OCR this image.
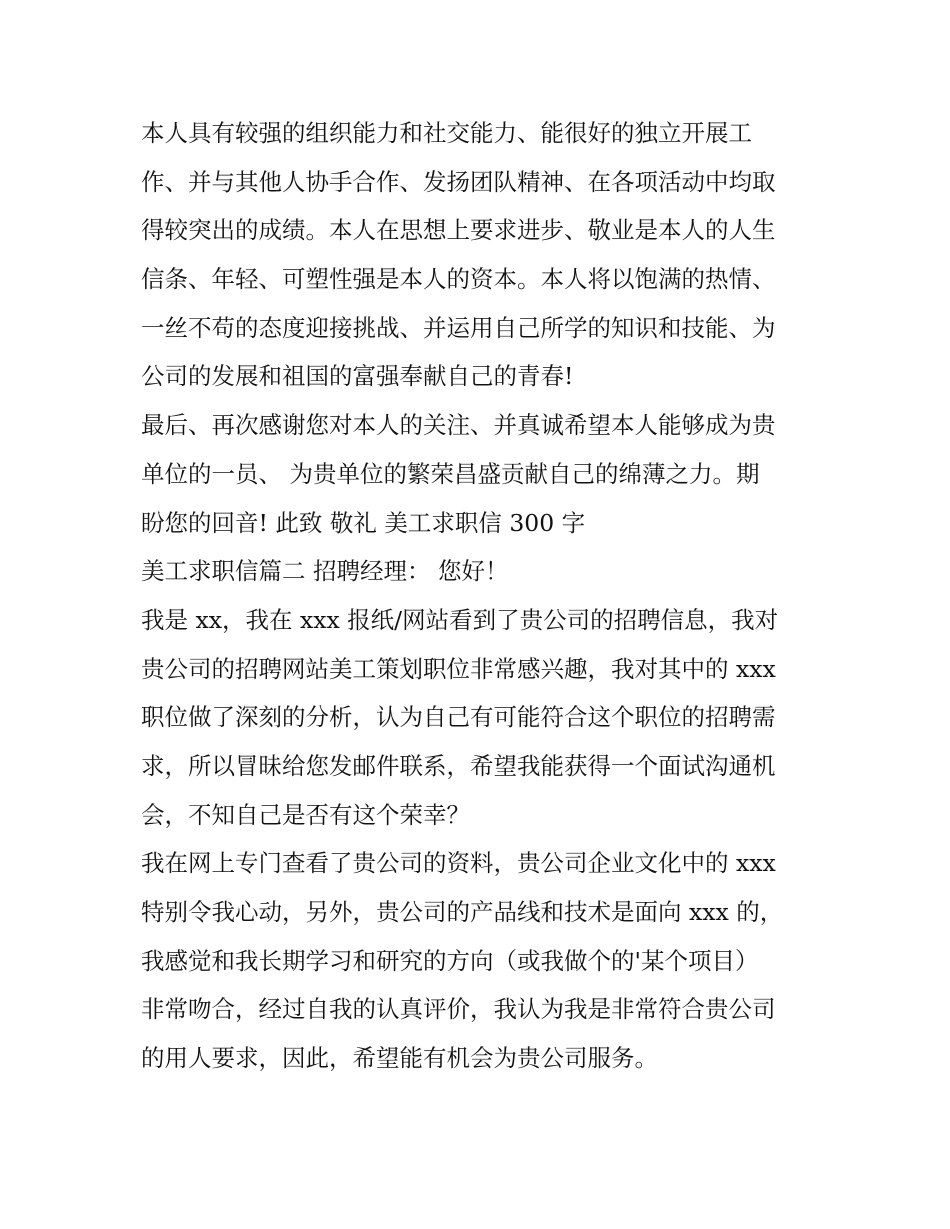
本人具有较强的组织能力和社交能力、能很好的独立开展工
作、并与其他人协手合作、发扬团队精神、在各项活动中均取
得较突出的成绩。本人在思想上要求进步、敬业是本人的人生
信条、年轻、可塑性强是本人的资本。本人将以饱满的热情、
一丝不苟的态度迎接挑战、并运用自己所学的知识和技能、为
公司的发展和祖国的富强奉献自己的青春!
最后、再次感谢您对本人的关注、并真诚希望本人能够成为贵
单位的一员、 为贵单位的繁荣昌盛贡献自己的绵薄之力。期
盼您的回音! 此致 敬礼 美工求职信 300 字
美工求职信篇二 招聘经理： 您好！
我是 xx，我在 xxx 报纸/网站看到了贵公司的招聘信息，我对
贵公司的招聘网站美工策划职位非常感兴趣，我对其中的 xxx
职位做了深刻的分析，认为自己有可能符合这个职位的招聘需
求，所以冒昧给您发邮件联系，希望我能获得一个面试沟通机
会，不知自己是否有这个荣幸？
我在网上专门查看了贵公司的资料，贵公司企业文化中的 xxx
特别令我心动，另外，贵公司的产品线和技术是面向 xxx 的，
我感觉和我长期学习和研究的方向（或我做个的'某个项目）
非常吻合，经过自我的认真评价，我认为我是非常符合贵公司
的用人要求，因此，希望能有机会为贵公司服务。
